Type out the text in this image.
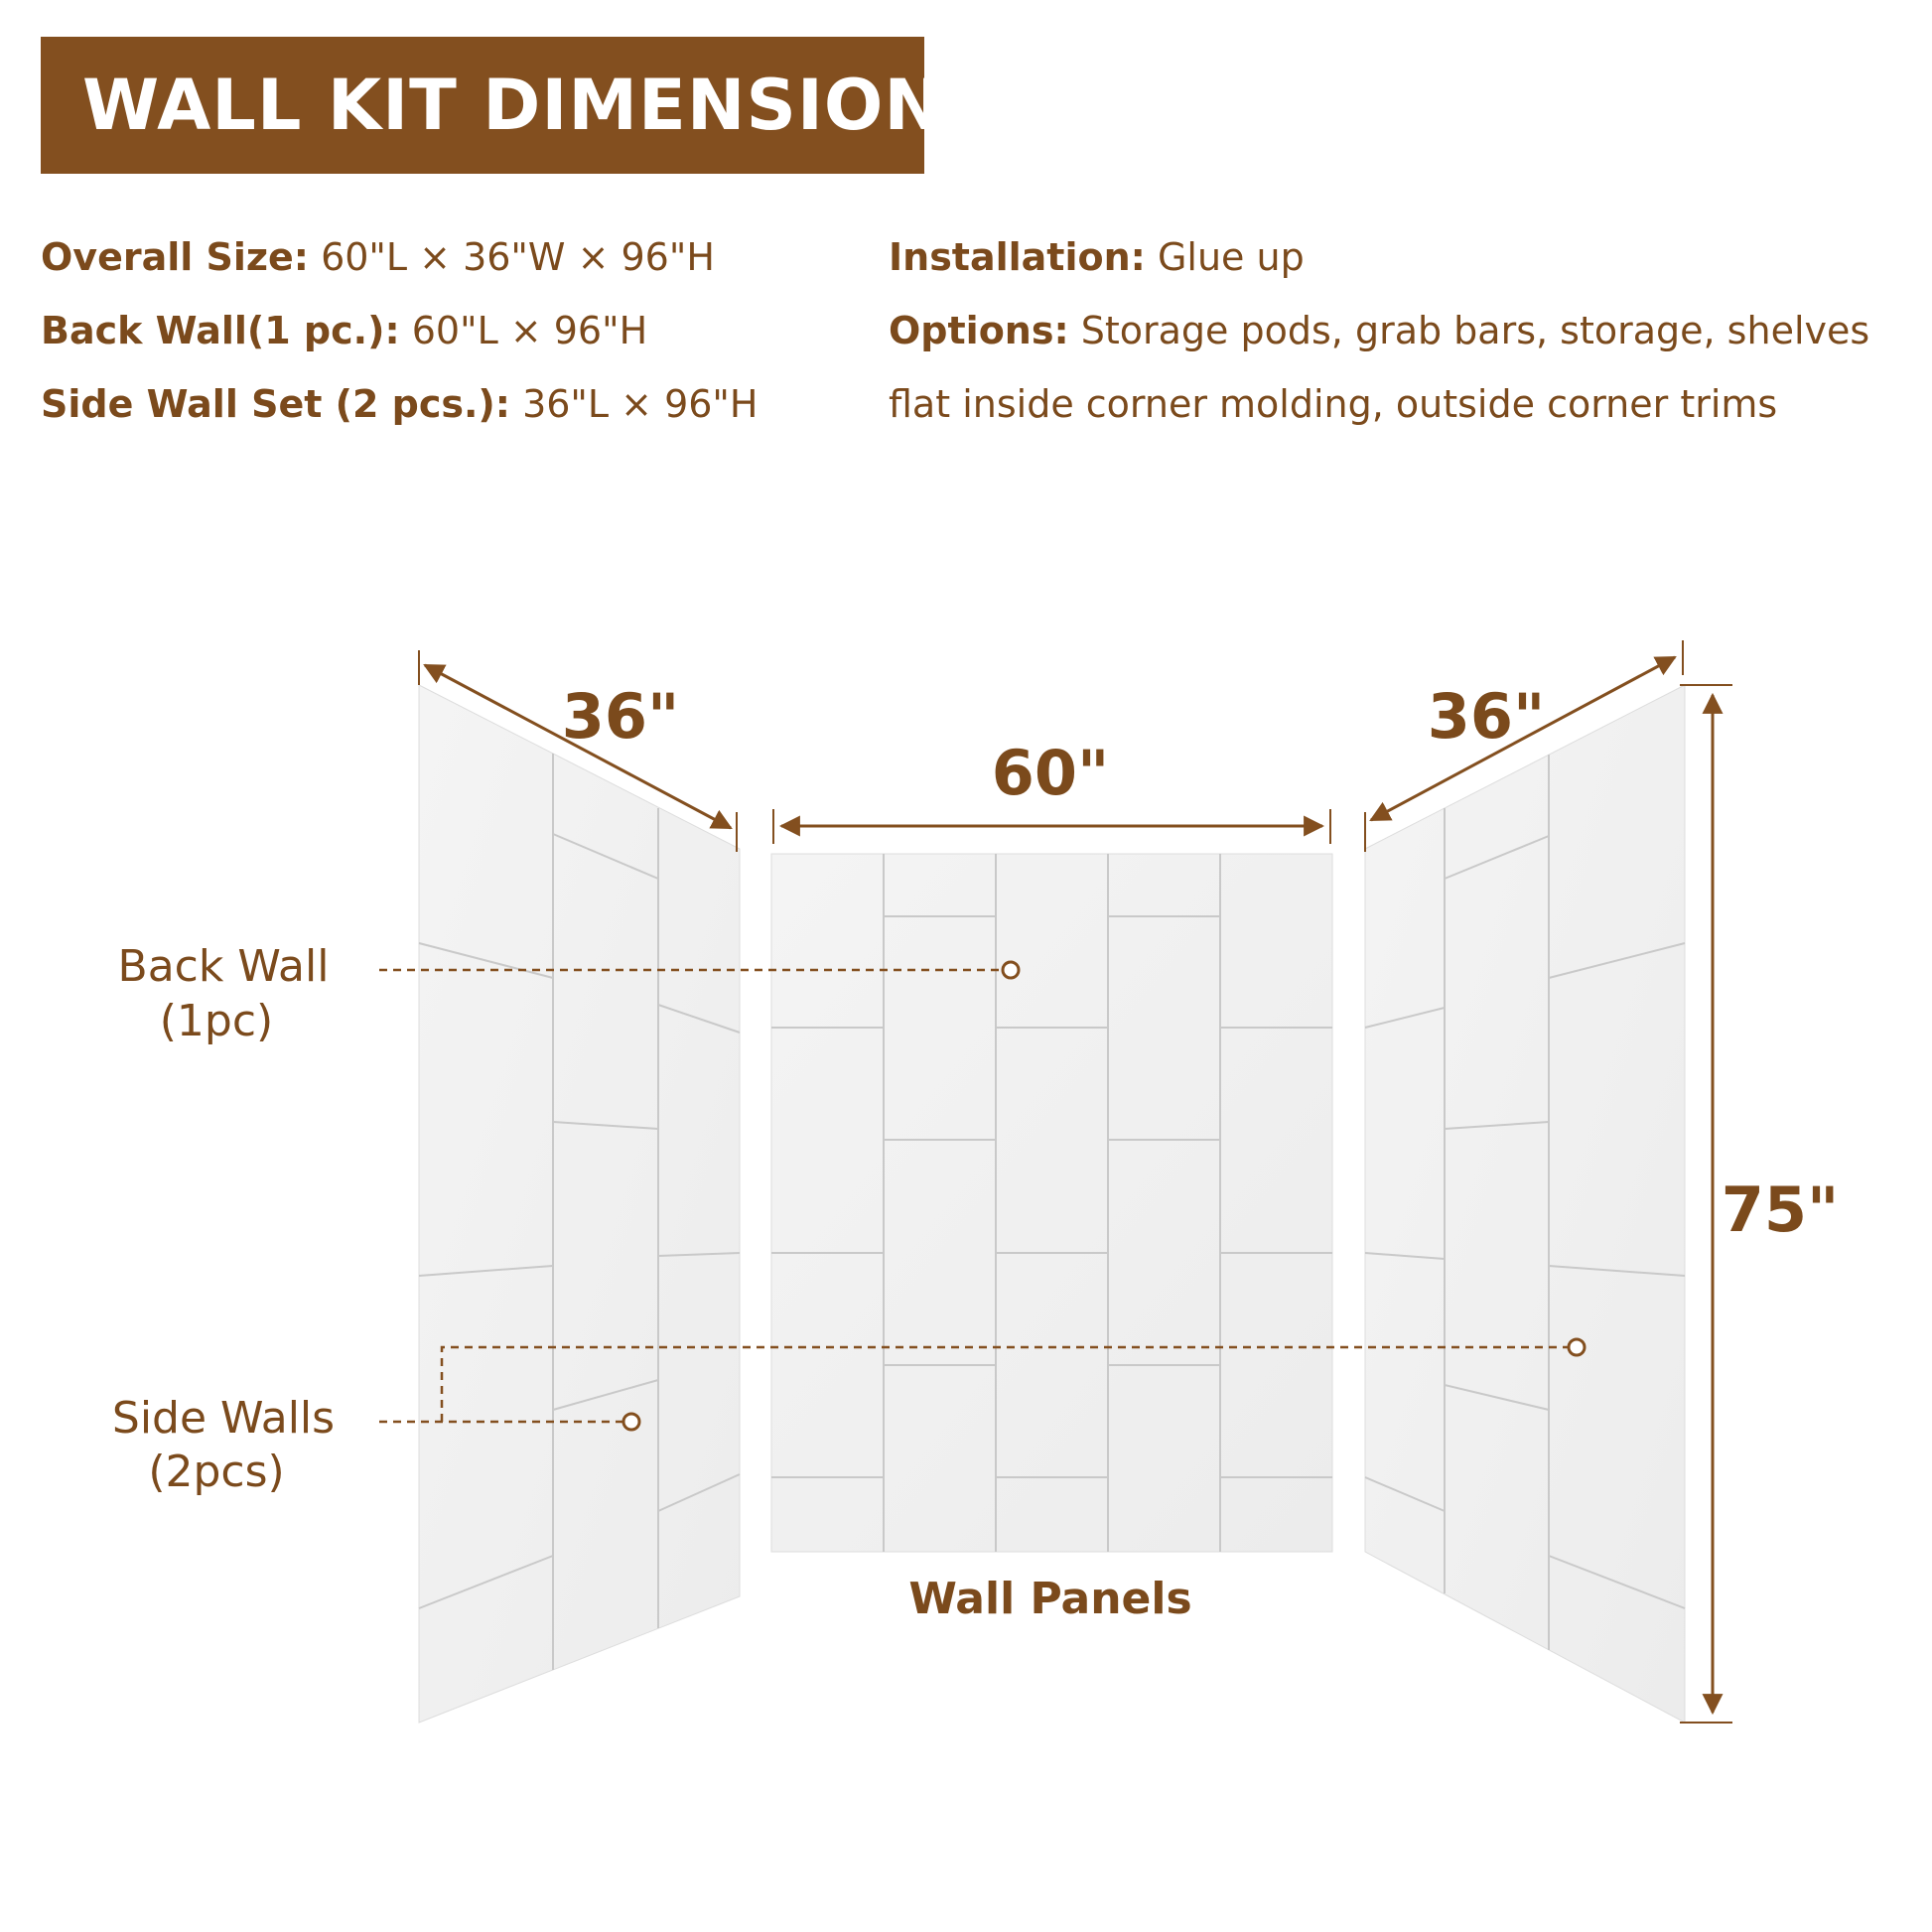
WALL KIT DIMENSIONS
Overall Size: 60"L × 36"W × 96"H
Back Wall(1 pc.): 60"L × 96"H
Side Wall Set (2 pcs.): 36"L × 96"H
Installation: Glue up
Options: Storage pods, grab bars, storage, shelves
flat inside corner molding, outside corner trims
36"
60"
36"
75"
Back Wall
(1pc)
Side Walls
(2pcs)
Wall Panels
